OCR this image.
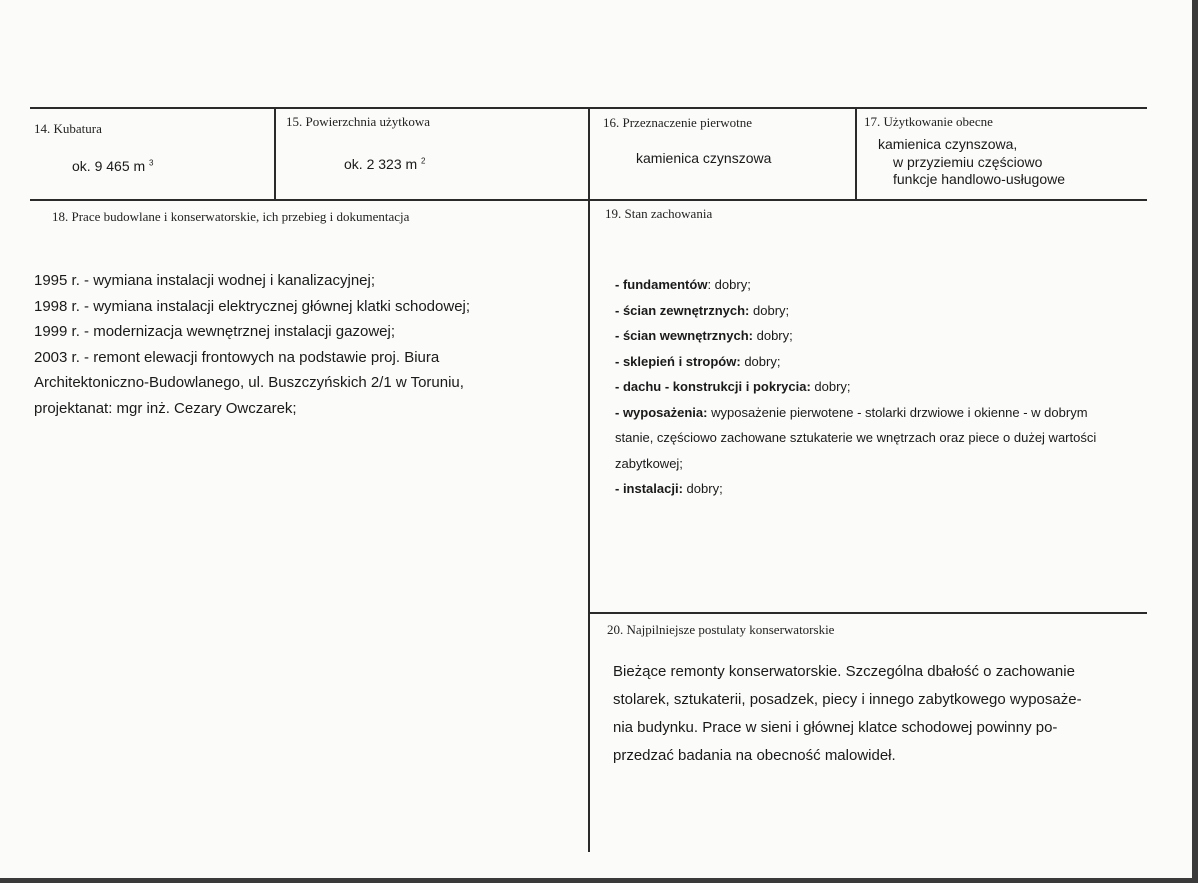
14. Kubatura
ok. 9 465 m $^3$
15. Powierzchnia użytkowa
ok. 2 323 m $^2$
16. Przeznaczenie pierwotne
kamienica czynszowa
17. Użytkowanie obecne
kamienica czynszowa,
w przyziemiu częściowo
funkcje handlowo-usługowe
18. Prace budowlane i konserwatorskie, ich przebieg i dokumentacja
1995 r. - wymiana instalacji wodnej i kanalizacyjnej;
1998 r. - wymiana instalacji elektrycznej głównej klatki schodowej;
1999 r. - modernizacja wewnętrznej instalacji gazowej;
2003 r. - remont elewacji frontowych na podstawie proj. Biura
Architektoniczno-Budowlanego, ul. Buszczyńskich 2/1 w Toruniu,
projektanat: mgr inż. Cezary Owczarek;
19. Stan zachowania
- fundamentów: dobry;
- ścian zewnętrznych: dobry;
- ścian wewnętrznych: dobry;
- sklepień i stropów: dobry;
- dachu - konstrukcji i pokrycia: dobry;
- wyposażenia: wyposażenie pierwotene - stolarki drzwiowe i okienne - w dobrym
stanie, częściowo zachowane sztukaterie we wnętrzach oraz piece o dużej wartości
zabytkowej;
- instalacji: dobry;
20. Najpilniejsze postulaty konserwatorskie
Bieżące remonty konserwatorskie. Szczególna dbałość o zachowanie
stolarek, sztukaterii, posadzek, piecy i innego zabytkowego wyposaże-
nia budynku. Prace w sieni i głównej klatce schodowej powinny po-
przedzać badania na obecność malowideł.
